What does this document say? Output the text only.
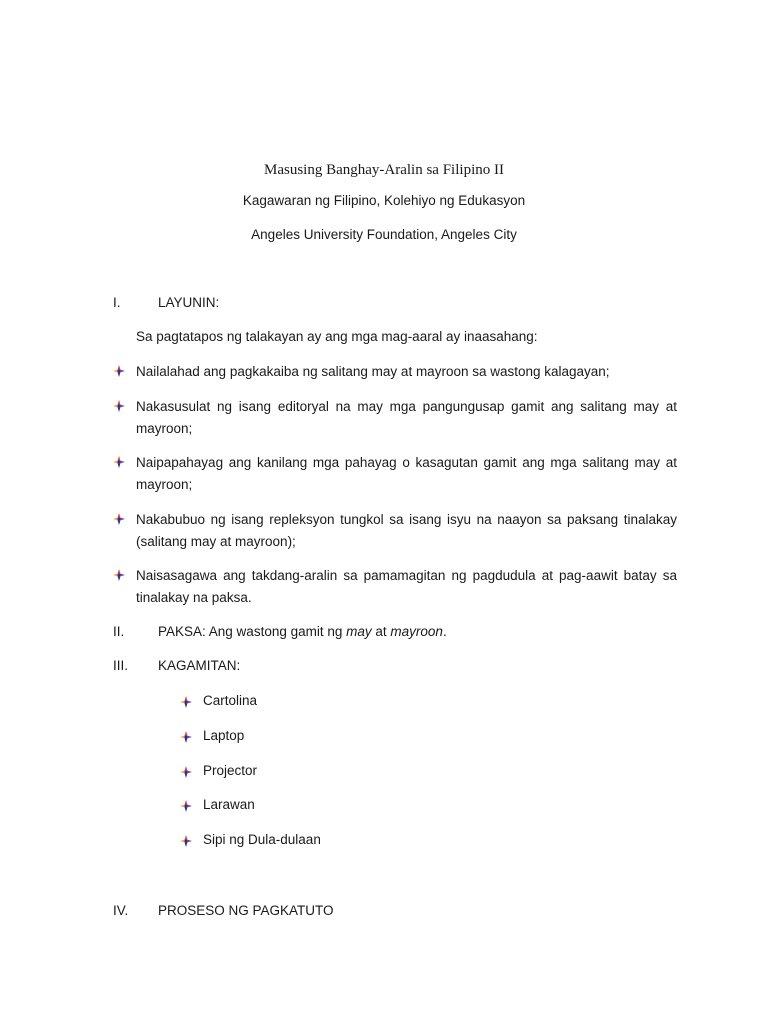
Masusing Banghay-Aralin sa Filipino II
Kagawaran ng Filipino, Kolehiyo ng Edukasyon
Angeles University Foundation, Angeles City
I.	LAYUNIN:
Sa pagtatapos ng talakayan ay ang mga mag-aaral ay inaasahang:
Nailalahad ang pagkakaiba ng salitang may at mayroon sa wastong kalagayan;
Nakasusulat ng isang editoryal na may mga pangungusap gamit ang salitang may at mayroon;
Naipapahayag ang kanilang mga pahayag o kasagutan gamit ang mga salitang may at mayroon;
Nakabubuo ng isang repleksyon tungkol sa isang isyu na naayon sa paksang tinalakay (salitang may at mayroon);
Naisasagawa ang takdang-aralin sa pamamagitan ng pagdudula at pag-aawit batay sa tinalakay na paksa.
II. PAKSA: Ang wastong gamit ng may at mayroon.
III. KAGAMITAN:
Cartolina
Laptop
Projector
Larawan
Sipi ng Dula-dulaan
IV. PROSESO NG PAGKATUTO
